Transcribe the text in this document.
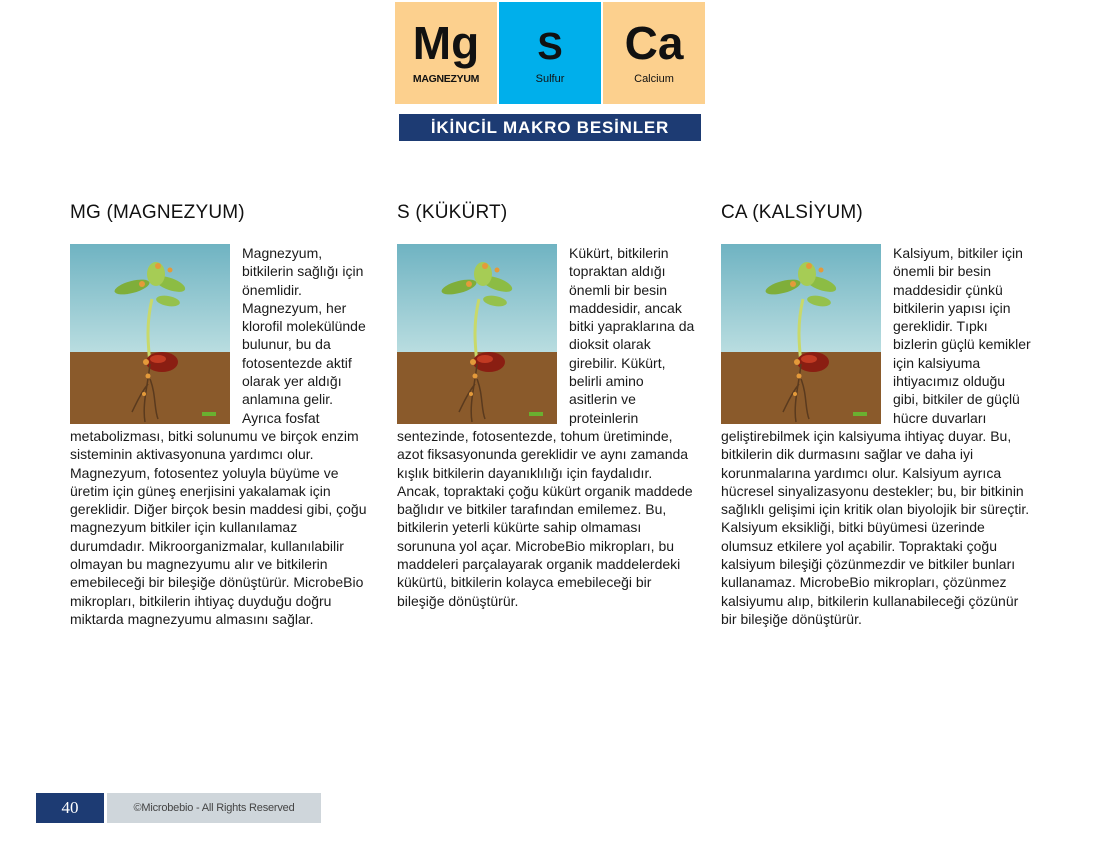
Mg
MAGNEZYUM
S
Sulfur
Ca
Calcium
İKİNCİL MAKRO BESİNLER
MG (MAGNEZYUM)

Magnezyum, bitkilerin sağlığı için önemlidir. Magnezyum, her klorofil molekülünde bulunur, bu da fotosentezde aktif olarak yer aldığı anlamına gelir. Ayrıca fosfat metabolizması, bitki solunumu ve birçok enzim sisteminin aktivasyonuna yardımcı olur. Magnezyum, fotosentez yoluyla büyüme ve üretim için güneş enerjisini yakalamak için gereklidir. Diğer birçok besin maddesi gibi, çoğu magnezyum bitkiler için kullanılamaz durumdadır. Mikroorganizmalar, kullanılabilir olmayan bu magnezyumu alır ve bitkilerin emebileceği bir bileşiğe dönüştürür. MicrobeBio mikropları, bitkilerin ihtiyaç duyduğu doğru miktarda magnezyumu almasını sağlar.

S (KÜKÜRT)

Kükürt, bitkilerin topraktan aldığı önemli bir besin maddesidir, ancak bitki yapraklarına da dioksit olarak girebilir. Kükürt, belirli amino asitlerin ve proteinlerin sentezinde, fotosentezde, tohum üretiminde, azot fiksasyonunda gereklidir ve aynı zamanda kışlık bitkilerin dayanıklılığı için faydalıdır. Ancak, topraktaki çoğu kükürt organik maddede bağlıdır ve bitkiler tarafından emilemez. Bu, bitkilerin yeterli kükürte sahip olmaması sorununa yol açar. MicrobeBio mikropları, bu maddeleri parçalayarak organik maddelerdeki kükürtü, bitkilerin kolayca emebileceği bir bileşiğe dönüştürür.

CA (KALSİYUM)

Kalsiyum, bitkiler için önemli bir besin maddesidir çünkü bitkilerin yapısı için gereklidir. Tıpkı bizlerin güçlü kemikler için kalsiyuma ihtiyacımız olduğu gibi, bitkiler de güçlü hücre duvarları geliştirebilmek için kalsiyuma ihtiyaç duyar. Bu, bitkilerin dik durmasını sağlar ve daha iyi korunmalarına yardımcı olur. Kalsiyum ayrıca hücresel sinyalizasyonu destekler; bu, bir bitkinin sağlıklı gelişimi için kritik olan biyolojik bir süreçtir. Kalsiyum eksikliği, bitki büyümesi üzerinde olumsuz etkilere yol açabilir. Topraktaki çoğu kalsiyum bileşiği çözünmezdir ve bitkiler bunları kullanamaz. MicrobeBio mikropları, çözünmez kalsiyumu alıp, bitkilerin kullanabileceği çözünür bir bileşiğe dönüştürür.

40	©Microbebio - All Rights Reserved
